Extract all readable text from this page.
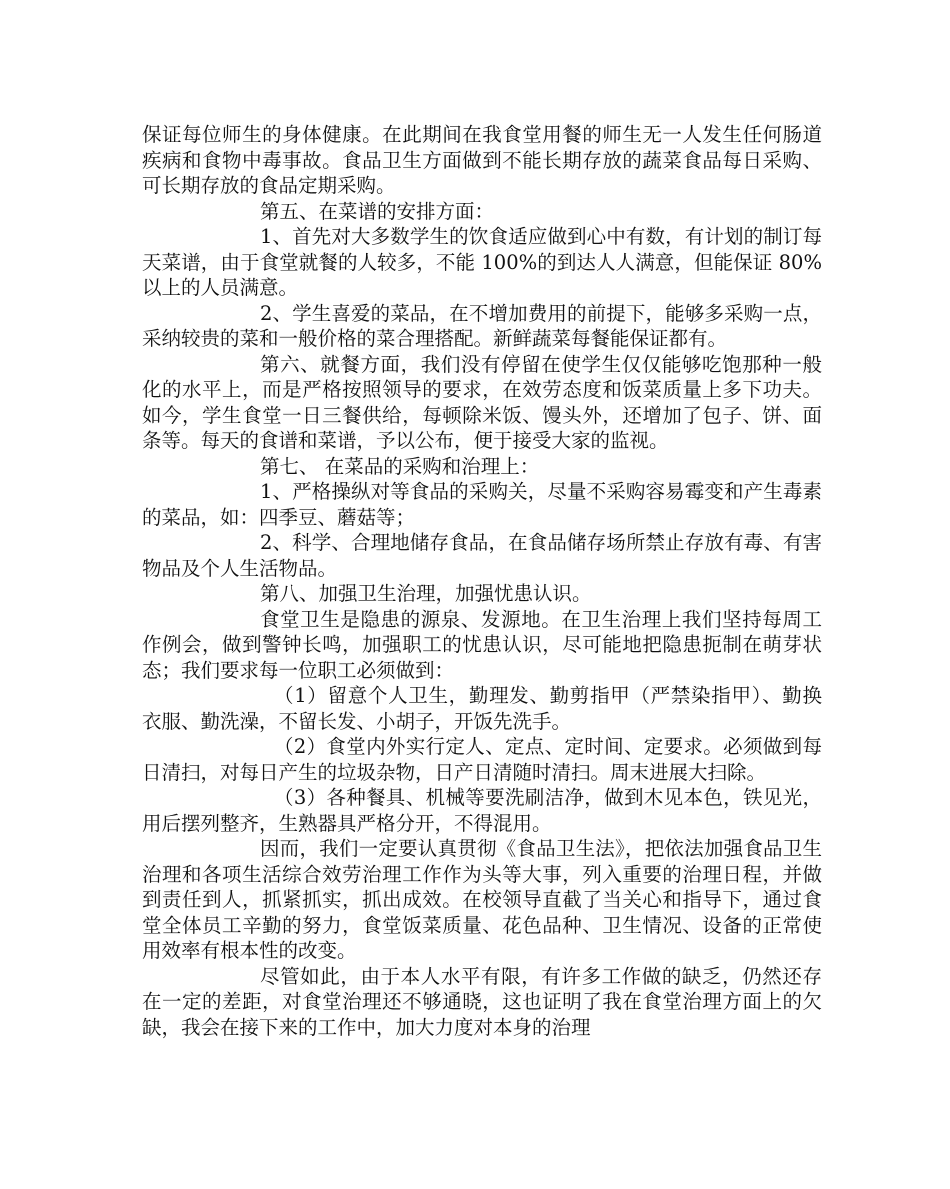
保证每位师生的身体健康。在此期间在我食堂用餐的师生无一人发生任何肠道疾病和食物中毒事故。食品卫生方面做到不能长期存放的蔬菜食品每日采购、可长期存放的食品定期采购。

第五、在菜谱的安排方面：

1、首先对大多数学生的饮食适应做到心中有数，有计划的制订每天菜谱，由于食堂就餐的人较多，不能 100%的到达人人满意，但能保证 80%以上的人员满意。

2、学生喜爱的菜品，在不增加费用的前提下，能够多采购一点，采纳较贵的菜和一般价格的菜合理搭配。新鲜蔬菜每餐能保证都有。

第六、就餐方面，我们没有停留在使学生仅仅能够吃饱那种一般化的水平上，而是严格按照领导的要求，在效劳态度和饭菜质量上多下功夫。如今，学生食堂一日三餐供给，每顿除米饭、馒头外，还增加了包子、饼、面条等。每天的食谱和菜谱，予以公布，便于接受大家的监视。

第七、 在菜品的采购和治理上：

1、严格操纵对等食品的采购关，尽量不采购容易霉变和产生毒素的菜品，如：四季豆、蘑菇等；

2、科学、合理地储存食品，在食品储存场所禁止存放有毒、有害物品及个人生活物品。

第八、加强卫生治理，加强忧患认识。

食堂卫生是隐患的源泉、发源地。在卫生治理上我们坚持每周工作例会，做到警钟长鸣，加强职工的忧患认识，尽可能地把隐患扼制在萌芽状态；我们要求每一位职工必须做到：

（1）留意个人卫生，勤理发、勤剪指甲（严禁染指甲）、勤换衣服、勤洗澡，不留长发、小胡子，开饭先洗手。

（2）食堂内外实行定人、定点、定时间、定要求。必须做到每日清扫，对每日产生的垃圾杂物，日产日清随时清扫。周末进展大扫除。

（3）各种餐具、机械等要洗刷洁净，做到木见本色，铁见光，用后摆列整齐，生熟器具严格分开，不得混用。

因而，我们一定要认真贯彻《食品卫生法》，把依法加强食品卫生治理和各项生活综合效劳治理工作作为头等大事，列入重要的治理日程，并做到责任到人，抓紧抓实，抓出成效。在校领导直截了当关心和指导下，通过食堂全体员工辛勤的努力，食堂饭菜质量、花色品种、卫生情况、设备的正常使用效率有根本性的改变。

尽管如此，由于本人水平有限，有许多工作做的缺乏，仍然还存在一定的差距，对食堂治理还不够通晓，这也证明了我在食堂治理方面上的欠缺，我会在接下来的工作中，加大力度对本身的治理
